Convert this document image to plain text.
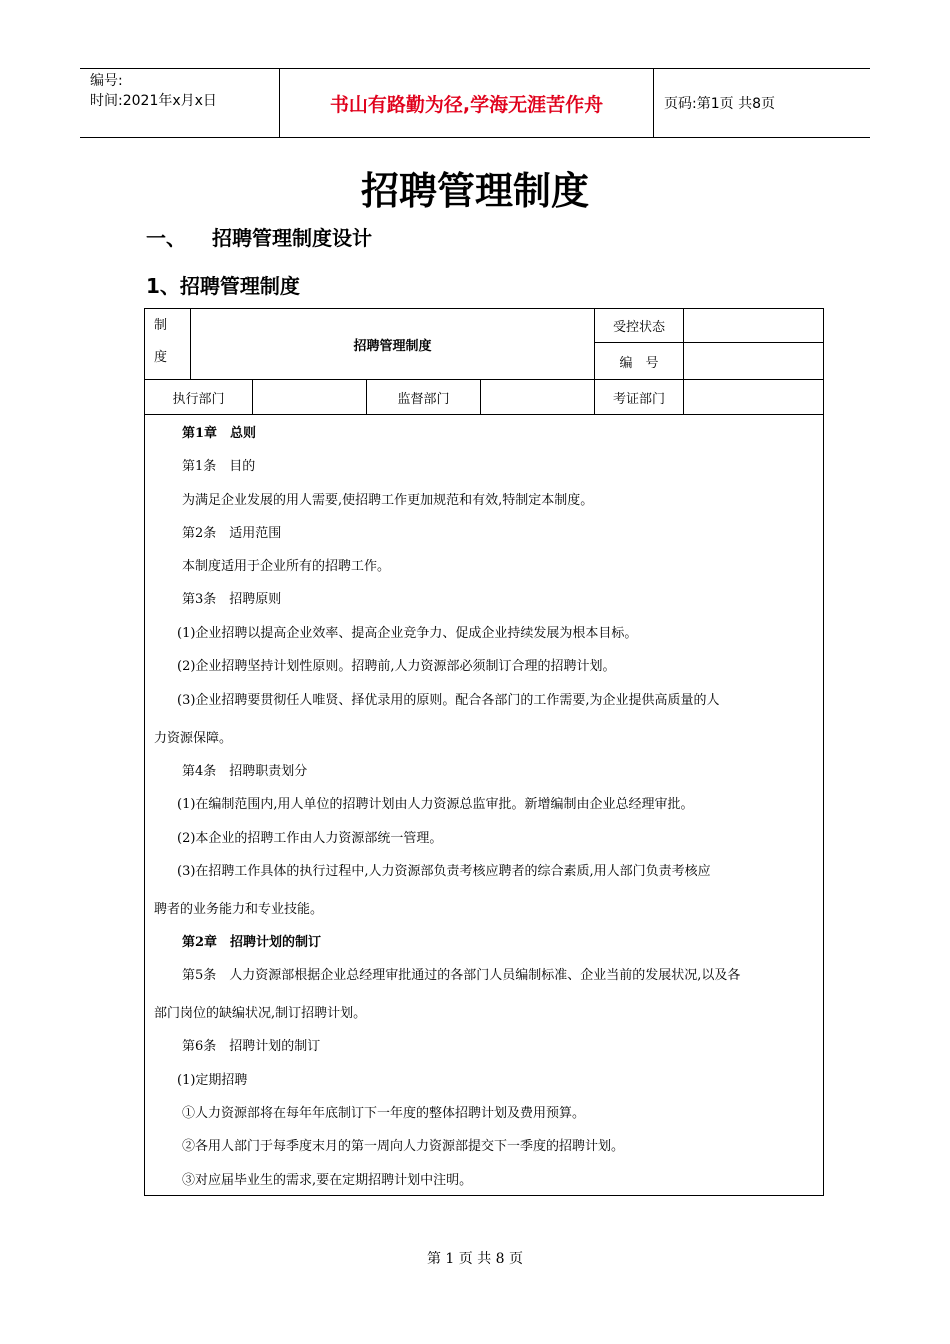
编号:
时间:2021年x月x日	书山有路勤为径,学海无涯苦作舟	页码:第1页 共8页
招聘管理制度
一、 招聘管理制度设计
1、招聘管理制度
制
度	招聘管理制度				受控状态	
					编　号	
执行部门			监督部门		考证部门	

第1章　总则
第1条　目的
为满足企业发展的用人需要,使招聘工作更加规范和有效,特制定本制度。
第2条　适用范围
本制度适用于企业所有的招聘工作。
第3条　招聘原则
(1)企业招聘以提高企业效率、提高企业竞争力、促成企业持续发展为根本目标。
(2)企业招聘坚持计划性原则。招聘前,人力资源部必须制订合理的招聘计划。
(3)企业招聘要贯彻任人唯贤、择优录用的原则。配合各部门的工作需要,为企业提供高质量的人
力资源保障。
第4条　招聘职责划分
(1)在编制范围内,用人单位的招聘计划由人力资源总监审批。新增编制由企业总经理审批。
(2)本企业的招聘工作由人力资源部统一管理。
(3)在招聘工作具体的执行过程中,人力资源部负责考核应聘者的综合素质,用人部门负责考核应
聘者的业务能力和专业技能。
第2章　招聘计划的制订
第5条　人力资源部根据企业总经理审批通过的各部门人员编制标准、企业当前的发展状况,以及各
部门岗位的缺编状况,制订招聘计划。
第6条　招聘计划的制订
(1)定期招聘
①人力资源部将在每年年底制订下一年度的整体招聘计划及费用预算。
②各用人部门于每季度末月的第一周向人力资源部提交下一季度的招聘计划。
③对应届毕业生的需求,要在定期招聘计划中注明。
第 1 页 共 8 页
